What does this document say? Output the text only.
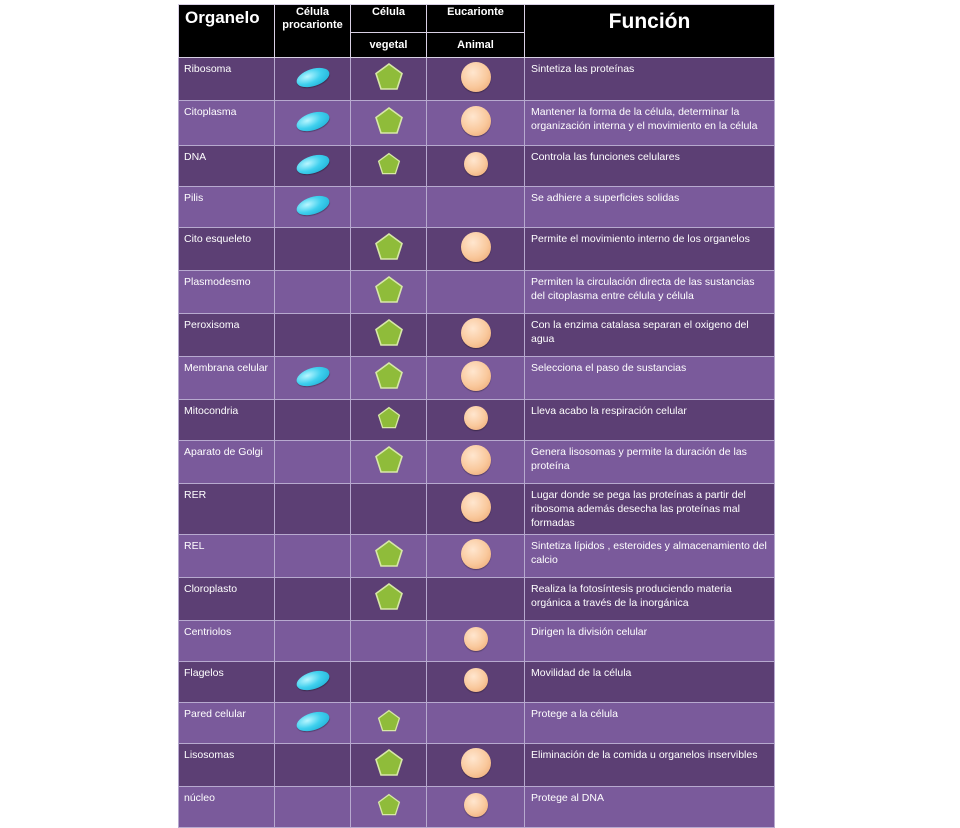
Organelo	Célula procarionte	Célula	Eucarionte	Función
		vegetal	Animal	
Ribosoma				Sintetiza las proteínas
Citoplasma				Mantener la forma de la célula, determinar la organización interna y el movimiento en la célula
DNA				Controla las funciones celulares
Pilis				Se adhiere a superficies solidas
Cito esqueleto				Permite el movimiento interno de los organelos
Plasmodesmo				Permiten la circulación directa de las sustancias del citoplasma entre célula y célula
Peroxisoma				Con la enzima catalasa separan el oxigeno del agua
Membrana celular				Selecciona el paso de sustancias
Mitocondria				Lleva acabo la respiración celular
Aparato de Golgi				Genera lisosomas y permite la duración de las proteína
RER				Lugar donde se pega las proteínas a partir del ribosoma además desecha las proteínas mal formadas
REL				Sintetiza lípidos , esteroides y almacenamiento del calcio
Cloroplasto				Realiza la fotosíntesis produciendo materia orgánica a través de la inorgánica
Centriolos				Dirigen la división celular
Flagelos				Movilidad de la célula
Pared celular				Protege a la célula
Lisosomas				Eliminación de la comida u organelos inservibles
núcleo				Protege al DNA
